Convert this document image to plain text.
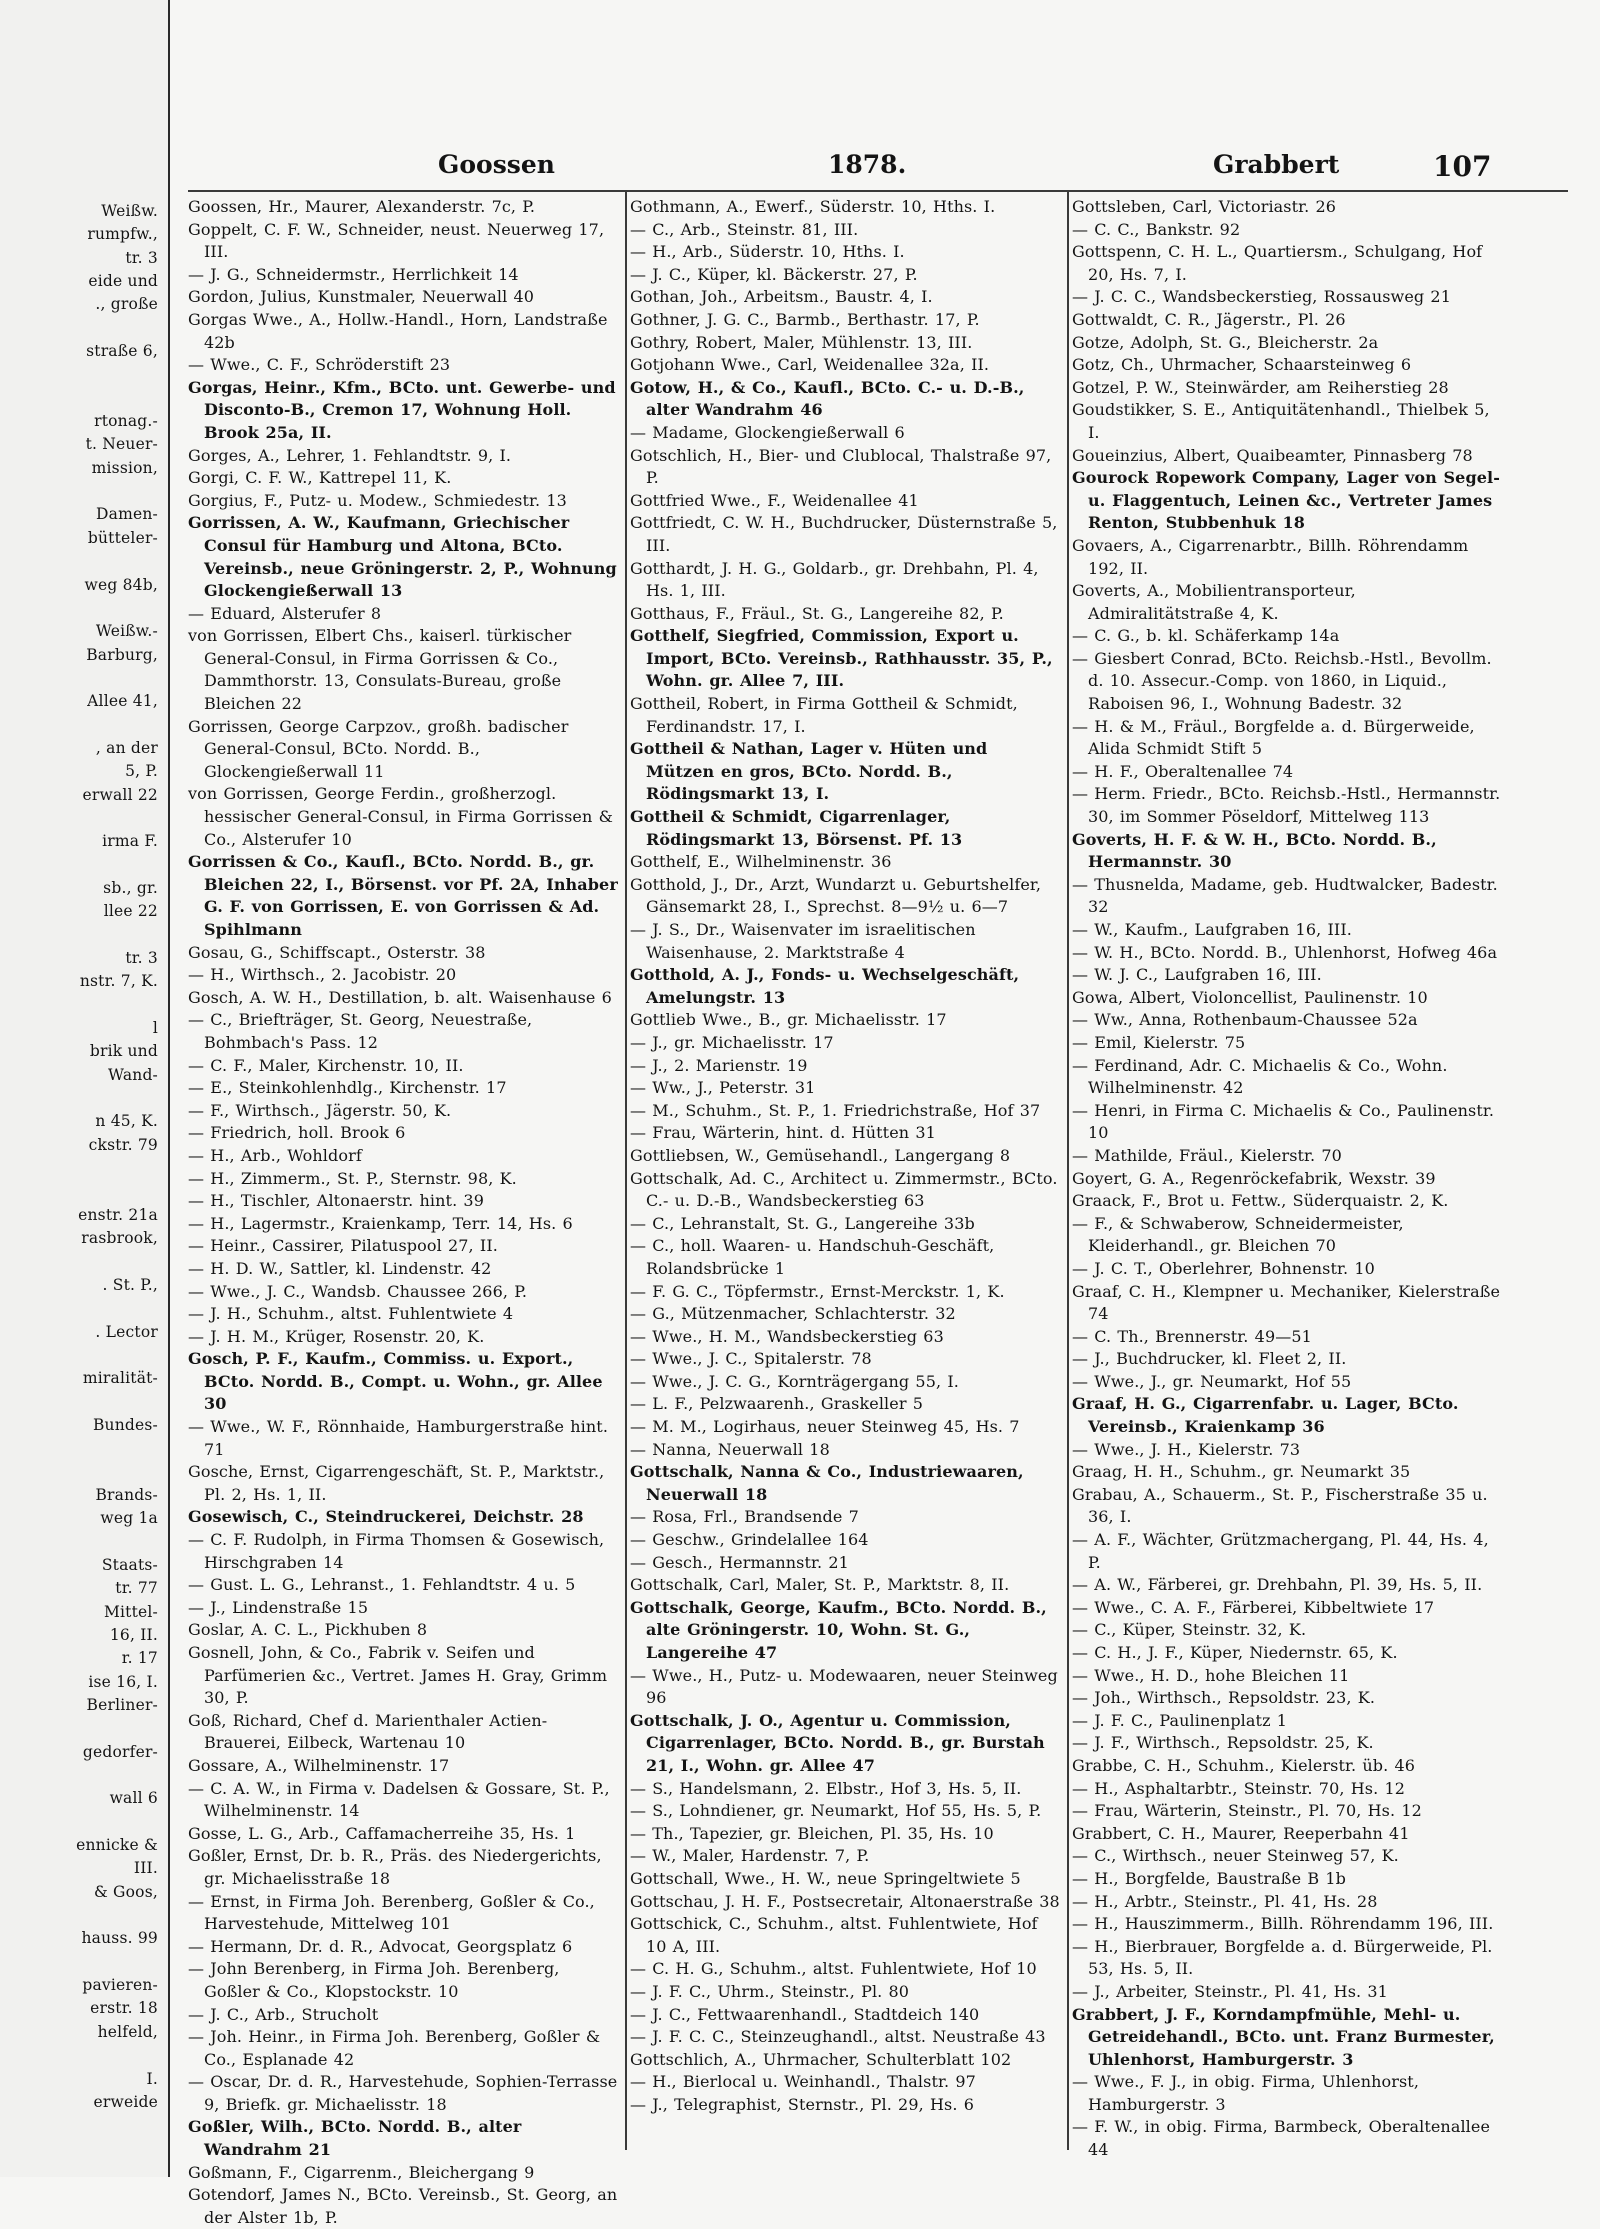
Weißw.
rumpfw.,
tr. 3
eide und
., große

straße 6,

rtonag.-
t. Neuer-
mission,

Damen-
bütteler-

weg 84b,

Weißw.-
Barburg,

Allee 41,

, an der
5, P.
erwall 22

irma F.

sb., gr.
llee 22

tr. 3
nstr. 7, K.

l
brik und
Wand-

n 45, K.
ckstr. 79

enstr. 21a
rasbrook,

. St. P.,

. Lector

miralität-

Bundes-

Brands-
weg 1a

Staats-
tr. 77
Mittel-
16, II.
r. 17
ise 16, I.
Berliner-

gedorfer-

wall 6

ennicke &
III.
& Goos,

hauss. 99

pavieren-
erstr. 18
helfeld,

I.
erweide
Goossen	1878.	Grabbert	107
Goossen, Hr., Maurer, Alexanderstr. 7c, P.
Goppelt, C. F. W., Schneider, neust. Neuerweg 17, III.
— J. G., Schneidermstr., Herrlichkeit 14
Gordon, Julius, Kunstmaler, Neuerwall 40
Gorgas Wwe., A., Hollw.-Handl., Horn, Landstraße 42b
— Wwe., C. F., Schröderstift 23
Gorgas, Heinr., Kfm., BCto. unt. Gewerbe- und Disconto-B., Cremon 17, Wohnung Holl. Brook 25a, II.
Gorges, A., Lehrer, 1. Fehlandtstr. 9, I.
Gorgi, C. F. W., Kattrepel 11, K.
Gorgius, F., Putz- u. Modew., Schmiedestr. 13
Gorrissen, A. W., Kaufmann, Griechischer Consul für Hamburg und Altona, BCto. Vereinsb., neue Gröningerstr. 2, P., Wohnung Glockengießerwall 13
— Eduard, Alsterufer 8
von Gorrissen, Elbert Chs., kaiserl. türkischer General-Consul, in Firma Gorrissen & Co., Dammthorstr. 13, Consulats-Bureau, große Bleichen 22
Gorrissen, George Carpzov., großh. badischer General-Consul, BCto. Nordd. B., Glockengießerwall 11
von Gorrissen, George Ferdin., großherzogl. hessischer General-Consul, in Firma Gorrissen & Co., Alsterufer 10
Gorrissen & Co., Kaufl., BCto. Nordd. B., gr. Bleichen 22, I., Börsenst. vor Pf. 2A, Inhaber G. F. von Gorrissen, E. von Gorrissen & Ad. Spihlmann
Gosau, G., Schiffscapt., Osterstr. 38
— H., Wirthsch., 2. Jacobistr. 20
Gosch, A. W. H., Destillation, b. alt. Waisenhause 6
— C., Briefträger, St. Georg, Neuestraße, Bohmbach's Pass. 12
— C. F., Maler, Kirchenstr. 10, II.
— E., Steinkohlenhdlg., Kirchenstr. 17
— F., Wirthsch., Jägerstr. 50, K.
— Friedrich, holl. Brook 6
— H., Arb., Wohldorf
— H., Zimmerm., St. P., Sternstr. 98, K.
— H., Tischler, Altonaerstr. hint. 39
— H., Lagermstr., Kraienkamp, Terr. 14, Hs. 6
— Heinr., Cassirer, Pilatuspool 27, II.
— H. D. W., Sattler, kl. Lindenstr. 42
— Wwe., J. C., Wandsb. Chaussee 266, P.
— J. H., Schuhm., altst. Fuhlentwiete 4
— J. H. M., Krüger, Rosenstr. 20, K.
Gosch, P. F., Kaufm., Commiss. u. Export., BCto. Nordd. B., Compt. u. Wohn., gr. Allee 30
— Wwe., W. F., Rönnhaide, Hamburgerstraße hint. 71
Gosche, Ernst, Cigarrengeschäft, St. P., Marktstr., Pl. 2, Hs. 1, II.
Gosewisch, C., Steindruckerei, Deichstr. 28
— C. F. Rudolph, in Firma Thomsen & Gosewisch, Hirschgraben 14
— Gust. L. G., Lehranst., 1. Fehlandtstr. 4 u. 5
— J., Lindenstraße 15
Goslar, A. C. L., Pickhuben 8
Gosnell, John, & Co., Fabrik v. Seifen und Parfümerien &c., Vertret. James H. Gray, Grimm 30, P.
Goß, Richard, Chef d. Marienthaler Actien-Brauerei, Eilbeck, Wartenau 10
Gossare, A., Wilhelminenstr. 17
— C. A. W., in Firma v. Dadelsen & Gossare, St. P., Wilhelminenstr. 14
Gosse, L. G., Arb., Caffamacherreihe 35, Hs. 1
Goßler, Ernst, Dr. b. R., Präs. des Niedergerichts, gr. Michaelisstraße 18
— Ernst, in Firma Joh. Berenberg, Goßler & Co., Harvestehude, Mittelweg 101
— Hermann, Dr. d. R., Advocat, Georgsplatz 6
— John Berenberg, in Firma Joh. Berenberg, Goßler & Co., Klopstockstr. 10
— J. C., Arb., Strucholt
— Joh. Heinr., in Firma Joh. Berenberg, Goßler & Co., Esplanade 42
— Oscar, Dr. d. R., Harvestehude, Sophien-Terrasse 9, Briefk. gr. Michaelisstr. 18
Goßler, Wilh., BCto. Nordd. B., alter Wandrahm 21
Goßmann, F., Cigarrenm., Bleichergang 9
Gotendorf, James N., BCto. Vereinsb., St. Georg, an der Alster 1b, P.
Gothmann, A., Ewerf., Süderstr. 10, Hths. I.
— C., Arb., Steinstr. 81, III.
— H., Arb., Süderstr. 10, Hths. I.
— J. C., Küper, kl. Bäckerstr. 27, P.
Gothan, Joh., Arbeitsm., Baustr. 4, I.
Gothner, J. G. C., Barmb., Berthastr. 17, P.
Gothry, Robert, Maler, Mühlenstr. 13, III.
Gotjohann Wwe., Carl, Weidenallee 32a, II.
Gotow, H., & Co., Kaufl., BCto. C.- u. D.-B., alter Wandrahm 46
— Madame, Glockengießerwall 6
Gotschlich, H., Bier- und Clublocal, Thalstraße 97, P.
Gottfried Wwe., F., Weidenallee 41
Gottfriedt, C. W. H., Buchdrucker, Düsternstraße 5, III.
Gotthardt, J. H. G., Goldarb., gr. Drehbahn, Pl. 4, Hs. 1, III.
Gotthaus, F., Fräul., St. G., Langereihe 82, P.
Gotthelf, Siegfried, Commission, Export u. Import, BCto. Vereinsb., Rathhausstr. 35, P., Wohn. gr. Allee 7, III.
Gottheil, Robert, in Firma Gottheil & Schmidt, Ferdinandstr. 17, I.
Gottheil & Nathan, Lager v. Hüten und Mützen en gros, BCto. Nordd. B., Rödingsmarkt 13, I.
Gottheil & Schmidt, Cigarrenlager, Rödingsmarkt 13, Börsenst. Pf. 13
Gotthelf, E., Wilhelminenstr. 36
Gotthold, J., Dr., Arzt, Wundarzt u. Geburtshelfer, Gänsemarkt 28, I., Sprechst. 8—9½ u. 6—7
— J. S., Dr., Waisenvater im israelitischen Waisenhause, 2. Marktstraße 4
Gotthold, A. J., Fonds- u. Wechselgeschäft, Amelungstr. 13
Gottlieb Wwe., B., gr. Michaelisstr. 17
— J., gr. Michaelisstr. 17
— J., 2. Marienstr. 19
— Ww., J., Peterstr. 31
— M., Schuhm., St. P., 1. Friedrichstraße, Hof 37
— Frau, Wärterin, hint. d. Hütten 31
Gottliebsen, W., Gemüsehandl., Langergang 8
Gottschalk, Ad. C., Architect u. Zimmermstr., BCto. C.- u. D.-B., Wandsbeckerstieg 63
— C., Lehranstalt, St. G., Langereihe 33b
— C., holl. Waaren- u. Handschuh-Geschäft, Rolandsbrücke 1
— F. G. C., Töpfermstr., Ernst-Merckstr. 1, K.
— G., Mützenmacher, Schlachterstr. 32
— Wwe., H. M., Wandsbeckerstieg 63
— Wwe., J. C., Spitalerstr. 78
— Wwe., J. C. G., Kornträgergang 55, I.
— L. F., Pelzwaarenh., Graskeller 5
— M. M., Logirhaus, neuer Steinweg 45, Hs. 7
— Nanna, Neuerwall 18
Gottschalk, Nanna & Co., Industriewaaren, Neuerwall 18
— Rosa, Frl., Brandsende 7
— Geschw., Grindelallee 164
— Gesch., Hermannstr. 21
Gottschalk, Carl, Maler, St. P., Marktstr. 8, II.
Gottschalk, George, Kaufm., BCto. Nordd. B., alte Gröningerstr. 10, Wohn. St. G., Langereihe 47
— Wwe., H., Putz- u. Modewaaren, neuer Steinweg 96
Gottschalk, J. O., Agentur u. Commission, Cigarrenlager, BCto. Nordd. B., gr. Burstah 21, I., Wohn. gr. Allee 47
— S., Handelsmann, 2. Elbstr., Hof 3, Hs. 5, II.
— S., Lohndiener, gr. Neumarkt, Hof 55, Hs. 5, P.
— Th., Tapezier, gr. Bleichen, Pl. 35, Hs. 10
— W., Maler, Hardenstr. 7, P.
Gottschall, Wwe., H. W., neue Springeltwiete 5
Gottschau, J. H. F., Postsecretair, Altonaerstraße 38
Gottschick, C., Schuhm., altst. Fuhlentwiete, Hof 10 A, III.
— C. H. G., Schuhm., altst. Fuhlentwiete, Hof 10
— J. F. C., Uhrm., Steinstr., Pl. 80
— J. C., Fettwaarenhandl., Stadtdeich 140
— J. F. C. C., Steinzeughandl., altst. Neustraße 43
Gottschlich, A., Uhrmacher, Schulterblatt 102
— H., Bierlocal u. Weinhandl., Thalstr. 97
— J., Telegraphist, Sternstr., Pl. 29, Hs. 6
Gottsleben, Carl, Victoriastr. 26
— C. C., Bankstr. 92
Gottspenn, C. H. L., Quartiersm., Schulgang, Hof 20, Hs. 7, I.
— J. C. C., Wandsbeckerstieg, Rossausweg 21
Gottwaldt, C. R., Jägerstr., Pl. 26
Gotze, Adolph, St. G., Bleicherstr. 2a
Gotz, Ch., Uhrmacher, Schaarsteinweg 6
Gotzel, P. W., Steinwärder, am Reiherstieg 28
Goudstikker, S. E., Antiquitätenhandl., Thielbek 5, I.
Goueinzius, Albert, Quaibeamter, Pinnasberg 78
Gourock Ropework Company, Lager von Segel- u. Flaggentuch, Leinen &c., Vertreter James Renton, Stubbenhuk 18
Govaers, A., Cigarrenarbtr., Billh. Röhrendamm 192, II.
Goverts, A., Mobilientransporteur, Admiralitätstraße 4, K.
— C. G., b. kl. Schäferkamp 14a
— Giesbert Conrad, BCto. Reichsb.-Hstl., Bevollm. d. 10. Assecur.-Comp. von 1860, in Liquid., Raboisen 96, I., Wohnung Badestr. 32
— H. & M., Fräul., Borgfelde a. d. Bürgerweide, Alida Schmidt Stift 5
— H. F., Oberaltenallee 74
— Herm. Friedr., BCto. Reichsb.-Hstl., Hermannstr. 30, im Sommer Pöseldorf, Mittelweg 113
Goverts, H. F. & W. H., BCto. Nordd. B., Hermannstr. 30
— Thusnelda, Madame, geb. Hudtwalcker, Badestr. 32
— W., Kaufm., Laufgraben 16, III.
— W. H., BCto. Nordd. B., Uhlenhorst, Hofweg 46a
— W. J. C., Laufgraben 16, III.
Gowa, Albert, Violoncellist, Paulinenstr. 10
— Ww., Anna, Rothenbaum-Chaussee 52a
— Emil, Kielerstr. 75
— Ferdinand, Adr. C. Michaelis & Co., Wohn. Wilhelminenstr. 42
— Henri, in Firma C. Michaelis & Co., Paulinenstr. 10
— Mathilde, Fräul., Kielerstr. 70
Goyert, G. A., Regenröckefabrik, Wexstr. 39
Graack, F., Brot u. Fettw., Süderquaistr. 2, K.
— F., & Schwaberow, Schneidermeister, Kleiderhandl., gr. Bleichen 70
— J. C. T., Oberlehrer, Bohnenstr. 10
Graaf, C. H., Klempner u. Mechaniker, Kielerstraße 74
— C. Th., Brennerstr. 49—51
— J., Buchdrucker, kl. Fleet 2, II.
— Wwe., J., gr. Neumarkt, Hof 55
Graaf, H. G., Cigarrenfabr. u. Lager, BCto. Vereinsb., Kraienkamp 36
— Wwe., J. H., Kielerstr. 73
Graag, H. H., Schuhm., gr. Neumarkt 35
Grabau, A., Schauerm., St. P., Fischerstraße 35 u. 36, I.
— A. F., Wächter, Grützmachergang, Pl. 44, Hs. 4, P.
— A. W., Färberei, gr. Drehbahn, Pl. 39, Hs. 5, II.
— Wwe., C. A. F., Färberei, Kibbeltwiete 17
— C., Küper, Steinstr. 32, K.
— C. H., J. F., Küper, Niedernstr. 65, K.
— Wwe., H. D., hohe Bleichen 11
— Joh., Wirthsch., Repsoldstr. 23, K.
— J. F. C., Paulinenplatz 1
— J. F., Wirthsch., Repsoldstr. 25, K.
Grabbe, C. H., Schuhm., Kielerstr. üb. 46
— H., Asphaltarbtr., Steinstr. 70, Hs. 12
— Frau, Wärterin, Steinstr., Pl. 70, Hs. 12
Grabbert, C. H., Maurer, Reeperbahn 41
— C., Wirthsch., neuer Steinweg 57, K.
— H., Borgfelde, Baustraße B 1b
— H., Arbtr., Steinstr., Pl. 41, Hs. 28
— H., Hauszimmerm., Billh. Röhrendamm 196, III.
— H., Bierbrauer, Borgfelde a. d. Bürgerweide, Pl. 53, Hs. 5, II.
— J., Arbeiter, Steinstr., Pl. 41, Hs. 31
Grabbert, J. F., Korndampfmühle, Mehl- u. Getreidehandl., BCto. unt. Franz Burmester, Uhlenhorst, Hamburgerstr. 3
— Wwe., F. J., in obig. Firma, Uhlenhorst, Hamburgerstr. 3
— F. W., in obig. Firma, Barmbeck, Oberaltenallee 44
